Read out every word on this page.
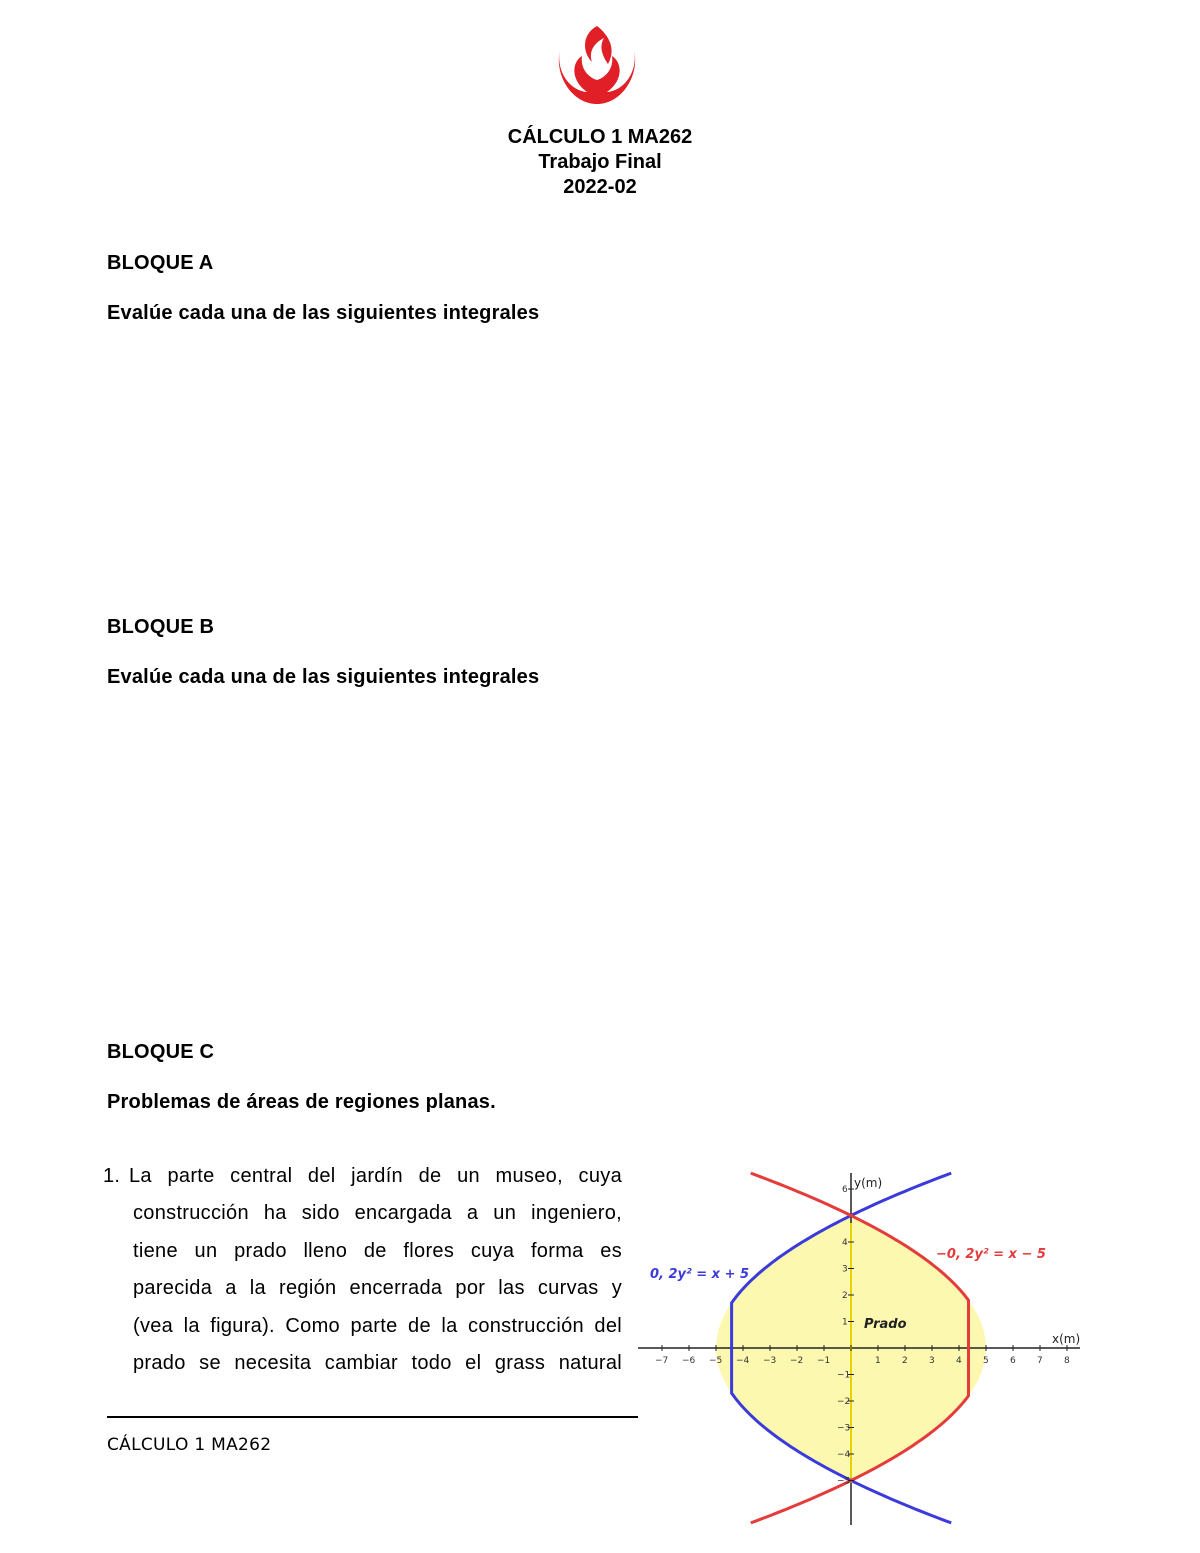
CÁLCULO 1 MA262
Trabajo Final
2022-02
BLOQUE A
Evalúe cada una de las siguientes integrales
BLOQUE B
Evalúe cada una de las siguientes integrales
BLOQUE C
Problemas de áreas de regiones planas.
1. La parte central del jardín de un museo, cuya
construcción ha sido encargada a un ingeniero,
tiene un prado lleno de flores cuya forma es
parecida a la región encerrada por las curvas y
(vea la figura). Como parte de la construcción del
prado se necesita cambiar todo el grass natural	−7 −6 −5 −4 −3 −2 −1	1 2 3 4 5 6 7 8
6
4
3
2
1
−1
−2
−3
−4
−5
x(m)
y(m)
Prado
0, 2y² = x + 5
−0, 2y² = x − 5
CÁLCULO 1 MA262
